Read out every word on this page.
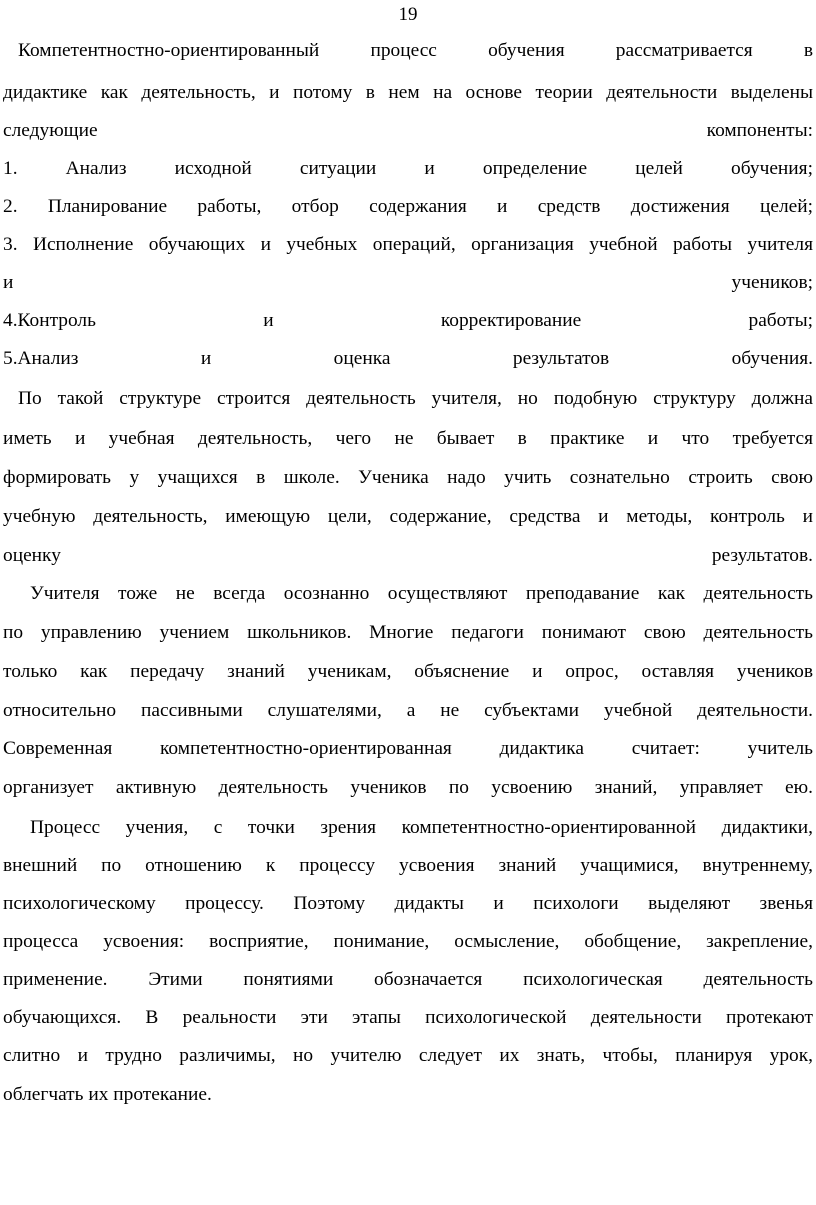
19
Компетентностно-ориентированный процесс обучения рассматривается в
дидактике как деятельность, и потому в нем на основе теории деятельности выделены
следующие компоненты:
1. Анализ исходной ситуации и определение целей обучения;
2. Планирование работы, отбор содержания и средств достижения целей;
3. Исполнение обучающих и учебных операций, организация учебной работы учителя
и учеников;
4.Контроль и корректирование работы;
5.Анализ и оценка результатов обучения.
По такой структуре строится деятельность учителя, но подобную структуру должна
иметь и учебная деятельность, чего не бывает в практике и что требуется
формировать у учащихся в школе. Ученика надо учить сознательно строить свою
учебную деятельность, имеющую цели, содержание, средства и методы, контроль и
оценку результатов.
Учителя тоже не всегда осознанно осуществляют преподавание как деятельность
по управлению учением школьников. Многие педагоги понимают свою деятельность
только как передачу знаний ученикам, объяснение и опрос, оставляя учеников
относительно пассивными слушателями, а не субъектами учебной деятельности.
Современная компетентностно-ориентированная дидактика считает: учитель
организует активную деятельность учеников по усвоению знаний, управляет ею.
Процесс учения, с точки зрения компетентностно-ориентированной дидактики,
внешний по отношению к процессу усвоения знаний учащимися, внутреннему,
психологическому процессу. Поэтому дидакты и психологи выделяют звенья
процесса усвоения: восприятие, понимание, осмысление, обобщение, закрепление,
применение. Этими понятиями обозначается психологическая деятельность
обучающихся. В реальности эти этапы психологической деятельности протекают
слитно и трудно различимы, но учителю следует их знать, чтобы, планируя урок,
облегчать их протекание.
